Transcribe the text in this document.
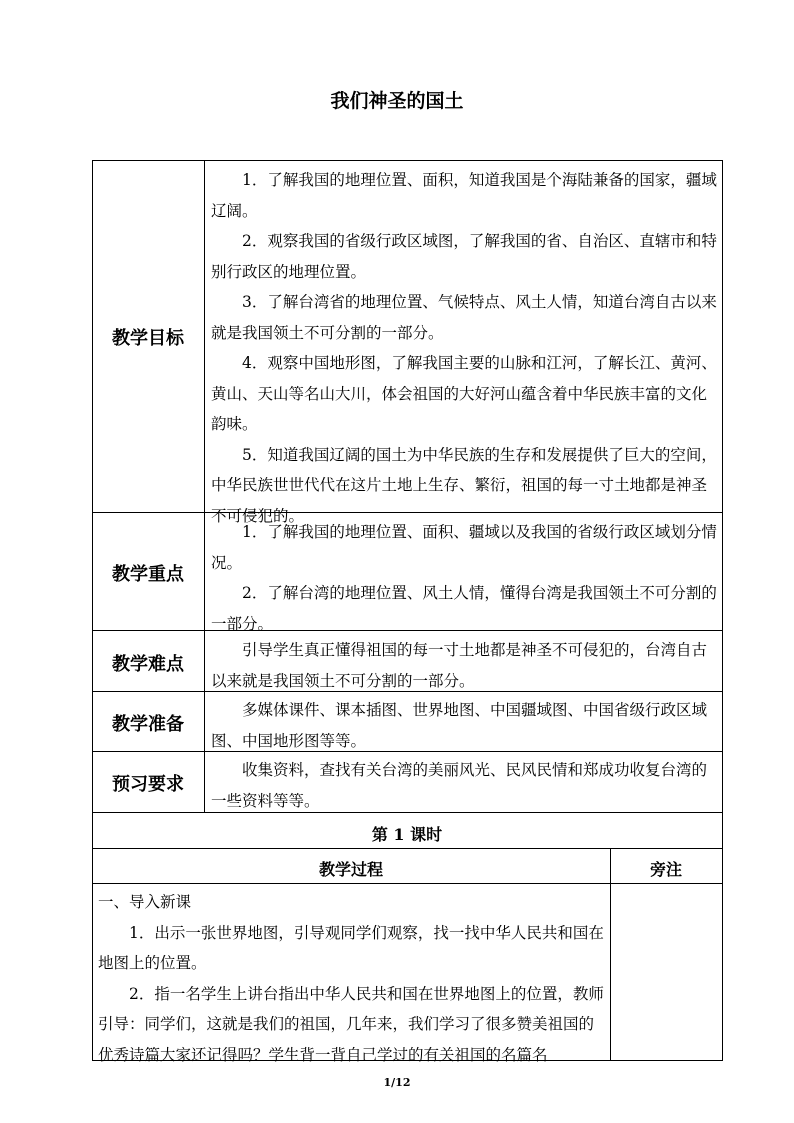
我们神圣的国土
教学目标
教学重点
教学难点
教学准备
预习要求

1．了解我国的地理位置、面积，知道我国是个海陆兼备的国家，疆域辽阔。

2．观察我国的省级行政区域图，了解我国的省、自治区、直辖市和特别行政区的地理位置。

3．了解台湾省的地理位置、气候特点、风土人情，知道台湾自古以来就是我国领土不可分割的一部分。

4．观察中国地形图，了解我国主要的山脉和江河，了解长江、黄河、黄山、天山等名山大川，体会祖国的大好河山蕴含着中华民族丰富的文化韵味。

5．知道我国辽阔的国土为中华民族的生存和发展提供了巨大的空间，中华民族世世代代在这片土地上生存、繁衍，祖国的每一寸土地都是神圣不可侵犯的。

1．了解我国的地理位置、面积、疆域以及我国的省级行政区域划分情况。

2．了解台湾的地理位置、风土人情，懂得台湾是我国领土不可分割的一部分。

引导学生真正懂得祖国的每一寸土地都是神圣不可侵犯的，台湾自古以来就是我国领土不可分割的一部分。

多媒体课件、课本插图、世界地图、中国疆域图、中国省级行政区域图、中国地形图等等。

收集资料，查找有关台湾的美丽风光、民风民情和郑成功收复台湾的一些资料等等。

第 1 课时
教学过程	旁注

一、导入新课

1．出示一张世界地图，引导观同学们观察，找一找中华人民共和国在地图上的位置。

2．指一名学生上讲台指出中华人民共和国在世界地图上的位置，教师引导：同学们，这就是我们的祖国，几年来，我们学习了很多赞美祖国的优秀诗篇大家还记得吗？学生背一背自己学过的有关祖国的名篇名

1/12
